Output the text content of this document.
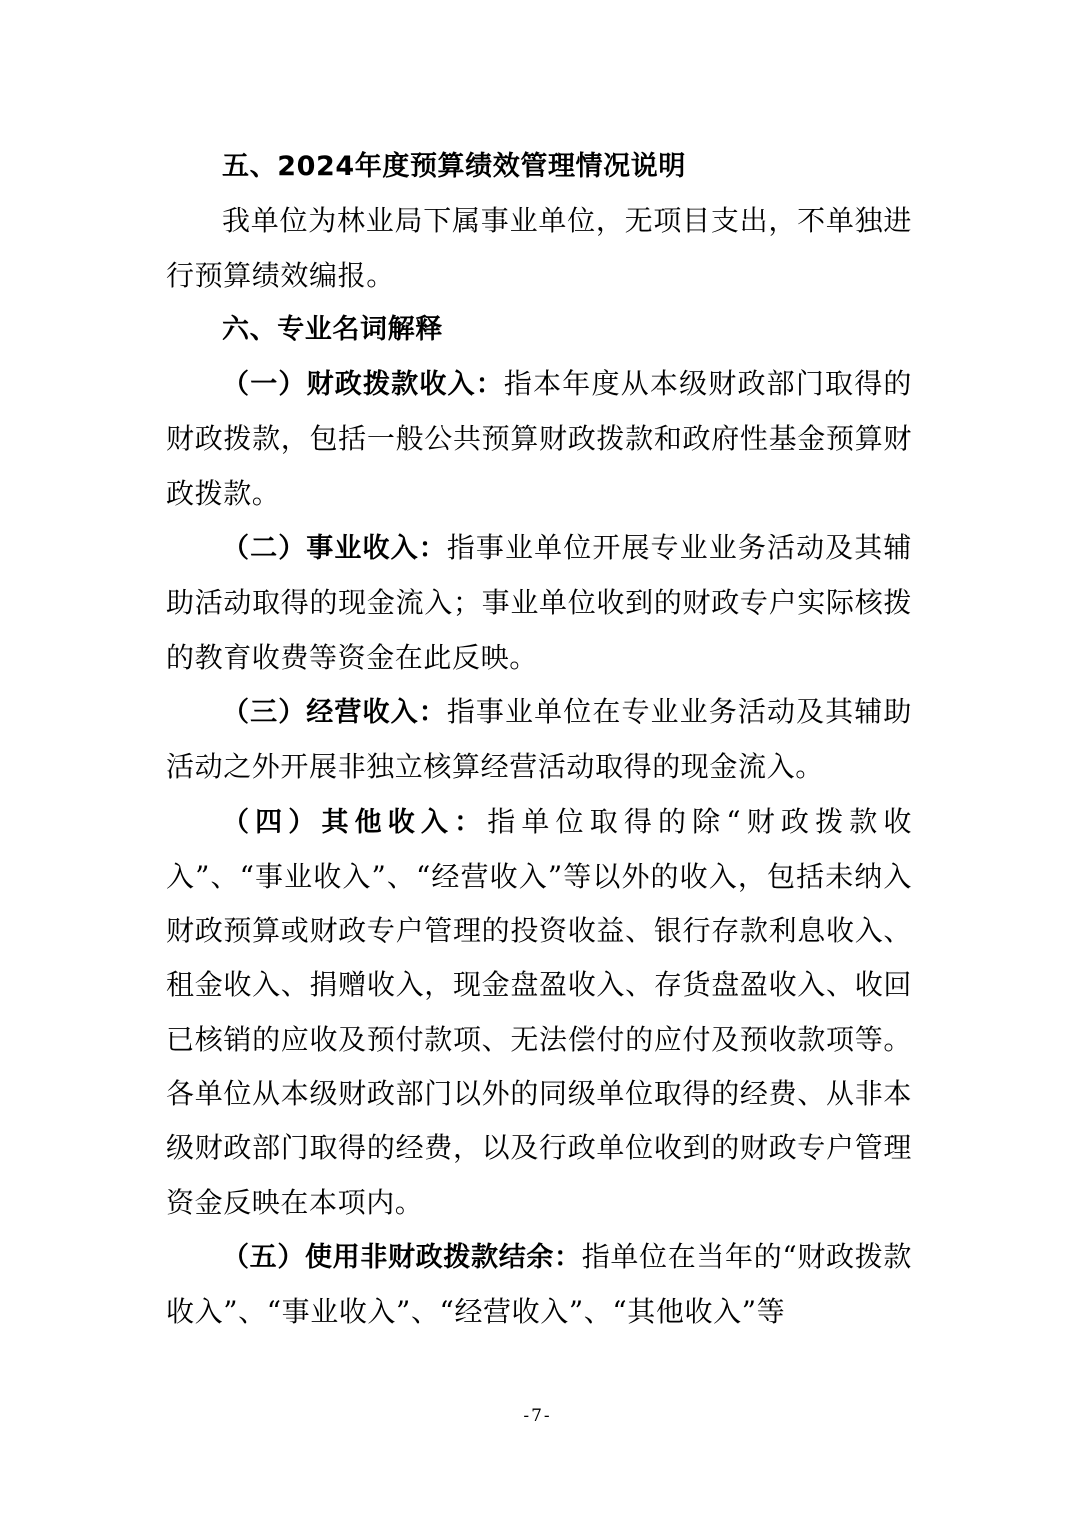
五、2024年度预算绩效管理情况说明

我单位为林业局下属事业单位，无项目支出，不单独进行预算绩效编报。

六、专业名词解释

（一）财政拨款收入：指本年度从本级财政部门取得的财政拨款，包括一般公共预算财政拨款和政府性基金预算财政拨款。

（二）事业收入：指事业单位开展专业业务活动及其辅助活动取得的现金流入；事业单位收到的财政专户实际核拨的教育收费等资金在此反映。

（三）经营收入：指事业单位在专业业务活动及其辅助活动之外开展非独立核算经营活动取得的现金流入。

（四）其他收入：指单位取得的除“财政拨款收入”、“事业收入”、“经营收入”等以外的收入，包括未纳入财政预算或财政专户管理的投资收益、银行存款利息收入、租金收入、捐赠收入，现金盘盈收入、存货盘盈收入、收回已核销的应收及预付款项、无法偿付的应付及预收款项等。各单位从本级财政部门以外的同级单位取得的经费、从非本级财政部门取得的经费，以及行政单位收到的财政专户管理资金反映在本项内。

（五）使用非财政拨款结余：指单位在当年的“财政拨款收入”、“事业收入”、“经营收入”、“其他收入”等

-7-
